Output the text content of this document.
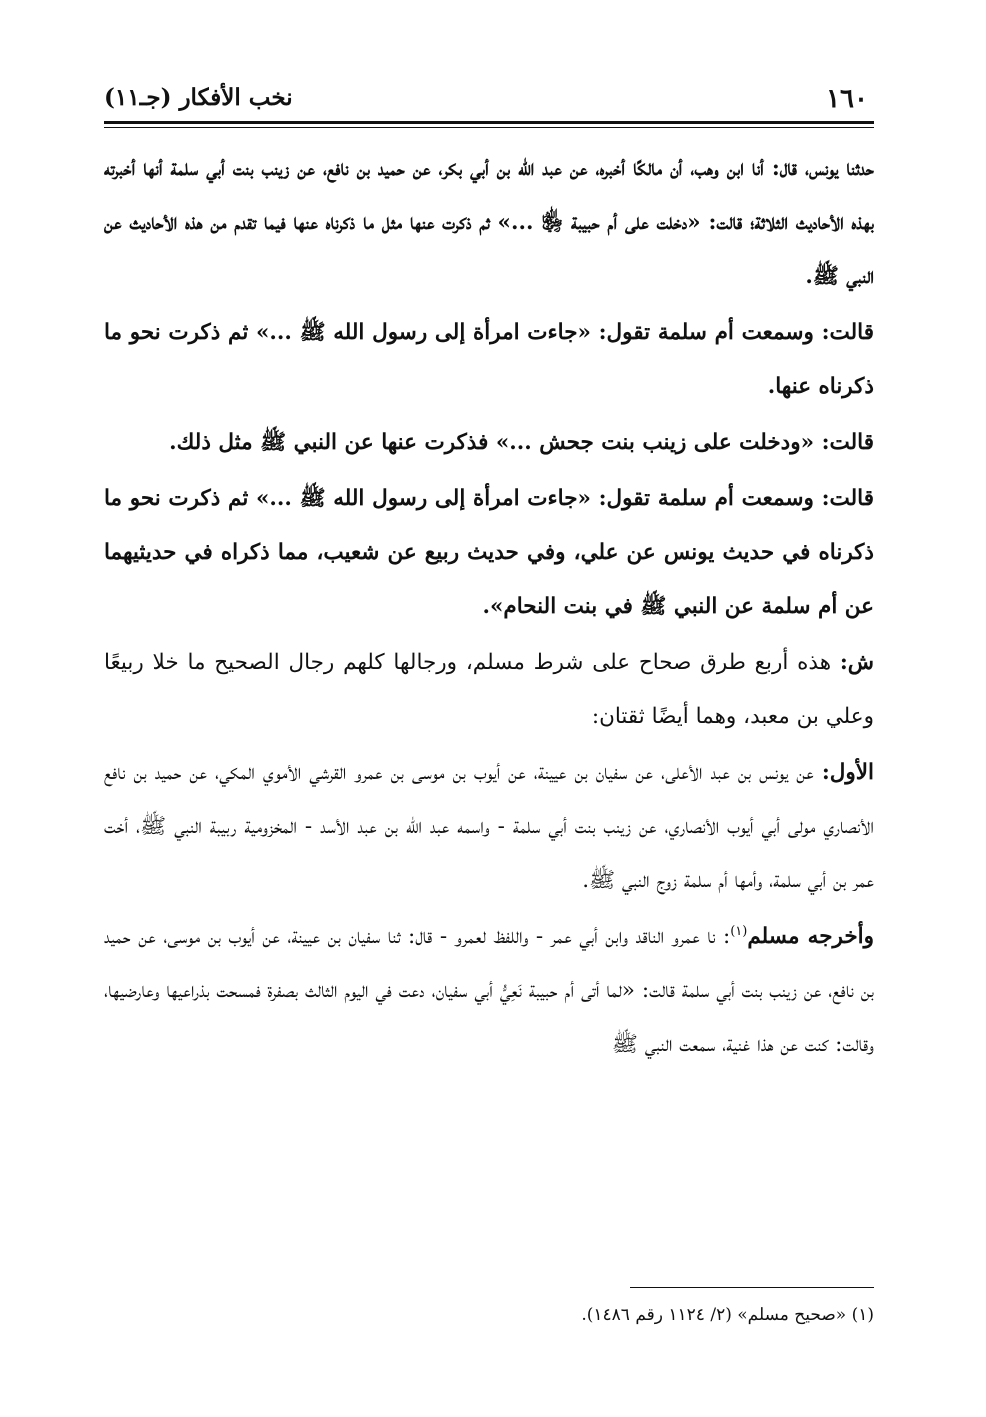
١٦٠
نخب الأفكار (جـ١١)

حدثنا يونس، قال: أنا ابن وهب، أن مالكًا أخبره، عن عبد الله بن أبي بكر، عن حميد بن نافع، عن زينب بنت أبي سلمة أنها أخبرته بهذه الأحاديث الثلاثة؛ قالت: «دخلت على أم حبيبة ﵂ ...» ثم ذكرت عنها مثل ما ذكرناه عنها فيما تقدم من هذه الأحاديث عن النبي ﷺ.

قالت: وسمعت أم سلمة تقول: «جاءت امرأة إلى رسول الله ﷺ ...» ثم ذكرت نحو ما ذكرناه عنها.

قالت: «ودخلت على زينب بنت جحش ...» فذكرت عنها عن النبي ﷺ مثل ذلك.

قالت: وسمعت أم سلمة تقول: «جاءت امرأة إلى رسول الله ﷺ ...» ثم ذكرت نحو ما ذكرناه في حديث يونس عن علي، وفي حديث ربيع عن شعيب، مما ذكراه في حديثيهما عن أم سلمة عن النبي ﷺ في بنت النحام».

ش: هذه أربع طرق صحاح على شرط مسلم، ورجالها كلهم رجال الصحيح ما خلا ربيعًا وعلي بن معبد، وهما أيضًا ثقتان:

الأول: عن يونس بن عبد الأعلى، عن سفيان بن عيينة، عن أيوب بن موسى بن عمرو القرشي الأموي المكي، عن حميد بن نافع الأنصاري مولى أبي أيوب الأنصاري، عن زينب بنت أبي سلمة - واسمه عبد الله بن عبد الأسد - المخزومية ربيبة النبي ﷺ، أخت عمر بن أبي سلمة، وأمها أم سلمة زوج النبي ﷺ.

وأخرجه مسلم$^{(١)}$: نا عمرو الناقد وابن أبي عمر - واللفظ لعمرو - قال: ثنا سفيان بن عيينة، عن أيوب بن موسى، عن حميد بن نافع، عن زينب بنت أبي سلمة قالت: «لما أتى أم حبيبة نَعِيُّ أبي سفيان، دعت في اليوم الثالث بصفرة فمسحت بذراعيها وعارضيها، وقالت: كنت عن هذا غنية، سمعت النبي ﷺ

(١) «صحيح مسلم» (٢/ ١١٢٤ رقم ١٤٨٦).
